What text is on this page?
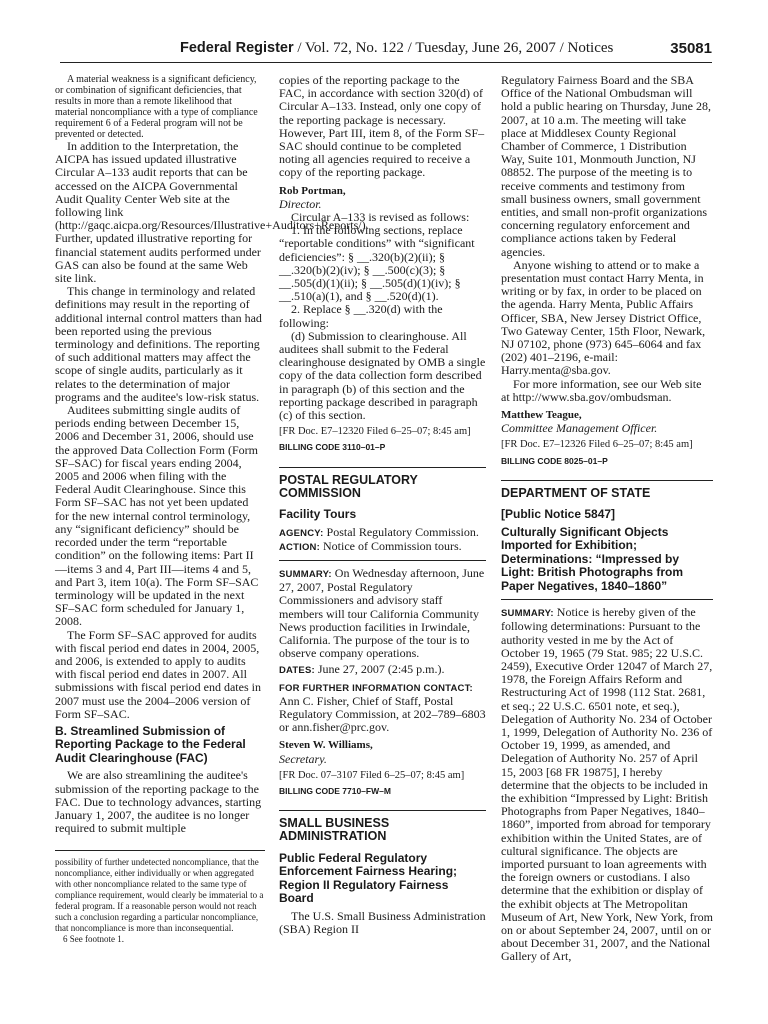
Federal Register / Vol. 72, No. 122 / Tuesday, June 26, 2007 / Notices	35081

A material weakness is a significant deficiency, or combination of significant deficiencies, that results in more than a remote likelihood that material noncompliance with a type of compliance requirement 6 of a Federal program will not be prevented or detected.

In addition to the Interpretation, the AICPA has issued updated illustrative Circular A–133 audit reports that can be accessed on the AICPA Governmental Audit Quality Center Web site at the following link (http://gaqc.aicpa.org/Resources/Illustrative+Auditors+Reports/). Further, updated illustrative reporting for financial statement audits performed under GAS can also be found at the same Web site link.

This change in terminology and related definitions may result in the reporting of additional internal control matters than had been reported using the previous terminology and definitions. The reporting of such additional matters may affect the scope of single audits, particularly as it relates to the determination of major programs and the auditee's low-risk status.

Auditees submitting single audits of periods ending between December 15, 2006 and December 31, 2006, should use the approved Data Collection Form (Form SF–SAC) for fiscal years ending 2004, 2005 and 2006 when filing with the Federal Audit Clearinghouse. Since this Form SF–SAC has not yet been updated for the new internal control terminology, any “significant deficiency” should be recorded under the term “reportable condition” on the following items: Part II—items 3 and 4, Part III—items 4 and 5, and Part 3, item 10(a). The Form SF–SAC terminology will be updated in the next SF–SAC form scheduled for January 1, 2008.

The Form SF–SAC approved for audits with fiscal period end dates in 2004, 2005, and 2006, is extended to apply to audits with fiscal period end dates in 2007. All submissions with fiscal period end dates in 2007 must use the 2004–2006 version of Form SF–SAC.

B. Streamlined Submission of Reporting Package to the Federal Audit Clearinghouse (FAC)

We are also streamlining the auditee's submission of the reporting package to the FAC. Due to technology advances, starting January 1, 2007, the auditee is no longer required to submit multiple

possibility of further undetected noncompliance, that the noncompliance, either individually or when aggregated with other noncompliance related to the same type of compliance requirement, would clearly be immaterial to a federal program. If a reasonable person would not reach such a conclusion regarding a particular noncompliance, that noncompliance is more than inconsequential.

6 See footnote 1.

copies of the reporting package to the FAC, in accordance with section 320(d) of Circular A–133. Instead, only one copy of the reporting package is necessary. However, Part III, item 8, of the Form SF–SAC should continue to be completed noting all agencies required to receive a copy of the reporting package.

Rob Portman,

Director.

Circular A–133 is revised as follows:

1. In the following sections, replace “reportable conditions” with “significant deficiencies”: § __.320(b)(2)(ii); § __.320(b)(2)(iv); § __.500(c)(3); § __.505(d)(1)(ii); § __.505(d)(1)(iv); § __.510(a)(1), and § __.520(d)(1).

2. Replace § __.320(d) with the following:

(d) Submission to clearinghouse. All auditees shall submit to the Federal clearinghouse designated by OMB a single copy of the data collection form described in paragraph (b) of this section and the reporting package described in paragraph (c) of this section.

[FR Doc. E7–12320 Filed 6–25–07; 8:45 am]

BILLING CODE 3110–01–P

POSTAL REGULATORY COMMISSION

Facility Tours

AGENCY: Postal Regulatory Commission.

ACTION: Notice of Commission tours.

SUMMARY: On Wednesday afternoon, June 27, 2007, Postal Regulatory Commissioners and advisory staff members will tour California Community News production facilities in Irwindale, California. The purpose of the tour is to observe company operations.

DATES: June 27, 2007 (2:45 p.m.).

FOR FURTHER INFORMATION CONTACT: Ann C. Fisher, Chief of Staff, Postal Regulatory Commission, at 202–789–6803 or ann.fisher@prc.gov.

Steven W. Williams,

Secretary.

[FR Doc. 07–3107 Filed 6–25–07; 8:45 am]

BILLING CODE 7710–FW–M

SMALL BUSINESS ADMINISTRATION

Public Federal Regulatory Enforcement Fairness Hearing; Region II Regulatory Fairness Board

The U.S. Small Business Administration (SBA) Region II

Regulatory Fairness Board and the SBA Office of the National Ombudsman will hold a public hearing on Thursday, June 28, 2007, at 10 a.m. The meeting will take place at Middlesex County Regional Chamber of Commerce, 1 Distribution Way, Suite 101, Monmouth Junction, NJ 08852. The purpose of the meeting is to receive comments and testimony from small business owners, small government entities, and small non-profit organizations concerning regulatory enforcement and compliance actions taken by Federal agencies.

Anyone wishing to attend or to make a presentation must contact Harry Menta, in writing or by fax, in order to be placed on the agenda. Harry Menta, Public Affairs Officer, SBA, New Jersey District Office, Two Gateway Center, 15th Floor, Newark, NJ 07102, phone (973) 645–6064 and fax (202) 401–2196, e-mail: Harry.menta@sba.gov.

For more information, see our Web site at http://www.sba.gov/ombudsman.

Matthew Teague,

Committee Management Officer.

[FR Doc. E7–12326 Filed 6–25–07; 8:45 am]

BILLING CODE 8025–01–P

DEPARTMENT OF STATE

[Public Notice 5847]

Culturally Significant Objects Imported for Exhibition; Determinations: “Impressed by Light: British Photographs from Paper Negatives, 1840–1860”

SUMMARY: Notice is hereby given of the following determinations: Pursuant to the authority vested in me by the Act of October 19, 1965 (79 Stat. 985; 22 U.S.C. 2459), Executive Order 12047 of March 27, 1978, the Foreign Affairs Reform and Restructuring Act of 1998 (112 Stat. 2681, et seq.; 22 U.S.C. 6501 note, et seq.), Delegation of Authority No. 234 of October 1, 1999, Delegation of Authority No. 236 of October 19, 1999, as amended, and Delegation of Authority No. 257 of April 15, 2003 [68 FR 19875], I hereby determine that the objects to be included in the exhibition “Impressed by Light: British Photographs from Paper Negatives, 1840–1860”, imported from abroad for temporary exhibition within the United States, are of cultural significance. The objects are imported pursuant to loan agreements with the foreign owners or custodians. I also determine that the exhibition or display of the exhibit objects at The Metropolitan Museum of Art, New York, New York, from on or about September 24, 2007, until on or about December 31, 2007, and the National Gallery of Art,
